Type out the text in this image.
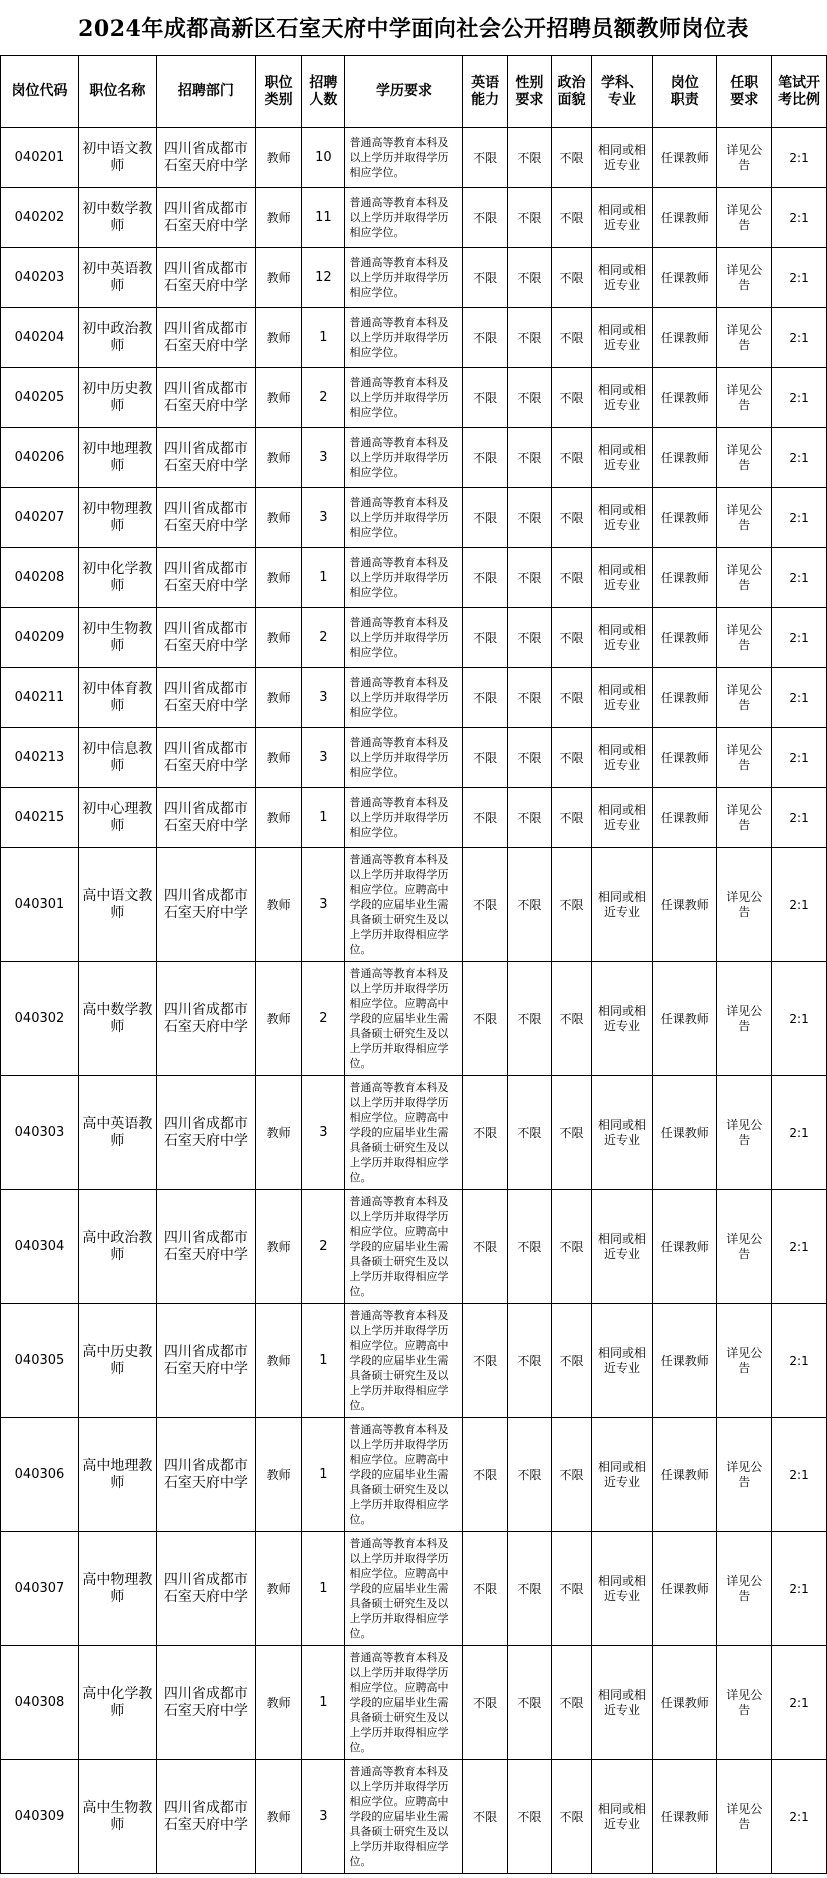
2024年成都高新区石室天府中学面向社会公开招聘员额教师岗位表
岗位代码	职位名称	招聘部门	职位类别	招聘人数	学历要求	英语能力	性别要求	政治面貌	学科、专业	岗位职责	任职要求	笔试开考比例
040201	初中语文教师	四川省成都市石室天府中学	教师	10	普通高等教育本科及以上学历并取得学历相应学位。	不限	不限	不限	相同或相近专业	任课教师	详见公告	2:1
040202	初中数学教师	四川省成都市石室天府中学	教师	11	普通高等教育本科及以上学历并取得学历相应学位。	不限	不限	不限	相同或相近专业	任课教师	详见公告	2:1
040203	初中英语教师	四川省成都市石室天府中学	教师	12	普通高等教育本科及以上学历并取得学历相应学位。	不限	不限	不限	相同或相近专业	任课教师	详见公告	2:1
040204	初中政治教师	四川省成都市石室天府中学	教师	1	普通高等教育本科及以上学历并取得学历相应学位。	不限	不限	不限	相同或相近专业	任课教师	详见公告	2:1
040205	初中历史教师	四川省成都市石室天府中学	教师	2	普通高等教育本科及以上学历并取得学历相应学位。	不限	不限	不限	相同或相近专业	任课教师	详见公告	2:1
040206	初中地理教师	四川省成都市石室天府中学	教师	3	普通高等教育本科及以上学历并取得学历相应学位。	不限	不限	不限	相同或相近专业	任课教师	详见公告	2:1
040207	初中物理教师	四川省成都市石室天府中学	教师	3	普通高等教育本科及以上学历并取得学历相应学位。	不限	不限	不限	相同或相近专业	任课教师	详见公告	2:1
040208	初中化学教师	四川省成都市石室天府中学	教师	1	普通高等教育本科及以上学历并取得学历相应学位。	不限	不限	不限	相同或相近专业	任课教师	详见公告	2:1
040209	初中生物教师	四川省成都市石室天府中学	教师	2	普通高等教育本科及以上学历并取得学历相应学位。	不限	不限	不限	相同或相近专业	任课教师	详见公告	2:1
040211	初中体育教师	四川省成都市石室天府中学	教师	3	普通高等教育本科及以上学历并取得学历相应学位。	不限	不限	不限	相同或相近专业	任课教师	详见公告	2:1
040213	初中信息教师	四川省成都市石室天府中学	教师	3	普通高等教育本科及以上学历并取得学历相应学位。	不限	不限	不限	相同或相近专业	任课教师	详见公告	2:1
040215	初中心理教师	四川省成都市石室天府中学	教师	1	普通高等教育本科及以上学历并取得学历相应学位。	不限	不限	不限	相同或相近专业	任课教师	详见公告	2:1
040301	高中语文教师	四川省成都市石室天府中学	教师	3	普通高等教育本科及以上学历并取得学历相应学位。应聘高中学段的应届毕业生需具备硕士研究生及以上学历并取得相应学位。	不限	不限	不限	相同或相近专业	任课教师	详见公告	2:1
040302	高中数学教师	四川省成都市石室天府中学	教师	2	普通高等教育本科及以上学历并取得学历相应学位。应聘高中学段的应届毕业生需具备硕士研究生及以上学历并取得相应学位。	不限	不限	不限	相同或相近专业	任课教师	详见公告	2:1
040303	高中英语教师	四川省成都市石室天府中学	教师	3	普通高等教育本科及以上学历并取得学历相应学位。应聘高中学段的应届毕业生需具备硕士研究生及以上学历并取得相应学位。	不限	不限	不限	相同或相近专业	任课教师	详见公告	2:1
040304	高中政治教师	四川省成都市石室天府中学	教师	2	普通高等教育本科及以上学历并取得学历相应学位。应聘高中学段的应届毕业生需具备硕士研究生及以上学历并取得相应学位。	不限	不限	不限	相同或相近专业	任课教师	详见公告	2:1
040305	高中历史教师	四川省成都市石室天府中学	教师	1	普通高等教育本科及以上学历并取得学历相应学位。应聘高中学段的应届毕业生需具备硕士研究生及以上学历并取得相应学位。	不限	不限	不限	相同或相近专业	任课教师	详见公告	2:1
040306	高中地理教师	四川省成都市石室天府中学	教师	1	普通高等教育本科及以上学历并取得学历相应学位。应聘高中学段的应届毕业生需具备硕士研究生及以上学历并取得相应学位。	不限	不限	不限	相同或相近专业	任课教师	详见公告	2:1
040307	高中物理教师	四川省成都市石室天府中学	教师	1	普通高等教育本科及以上学历并取得学历相应学位。应聘高中学段的应届毕业生需具备硕士研究生及以上学历并取得相应学位。	不限	不限	不限	相同或相近专业	任课教师	详见公告	2:1
040308	高中化学教师	四川省成都市石室天府中学	教师	1	普通高等教育本科及以上学历并取得学历相应学位。应聘高中学段的应届毕业生需具备硕士研究生及以上学历并取得相应学位。	不限	不限	不限	相同或相近专业	任课教师	详见公告	2:1
040309	高中生物教师	四川省成都市石室天府中学	教师	3	普通高等教育本科及以上学历并取得学历相应学位。应聘高中学段的应届毕业生需具备硕士研究生及以上学历并取得相应学位。	不限	不限	不限	相同或相近专业	任课教师	详见公告	2:1
